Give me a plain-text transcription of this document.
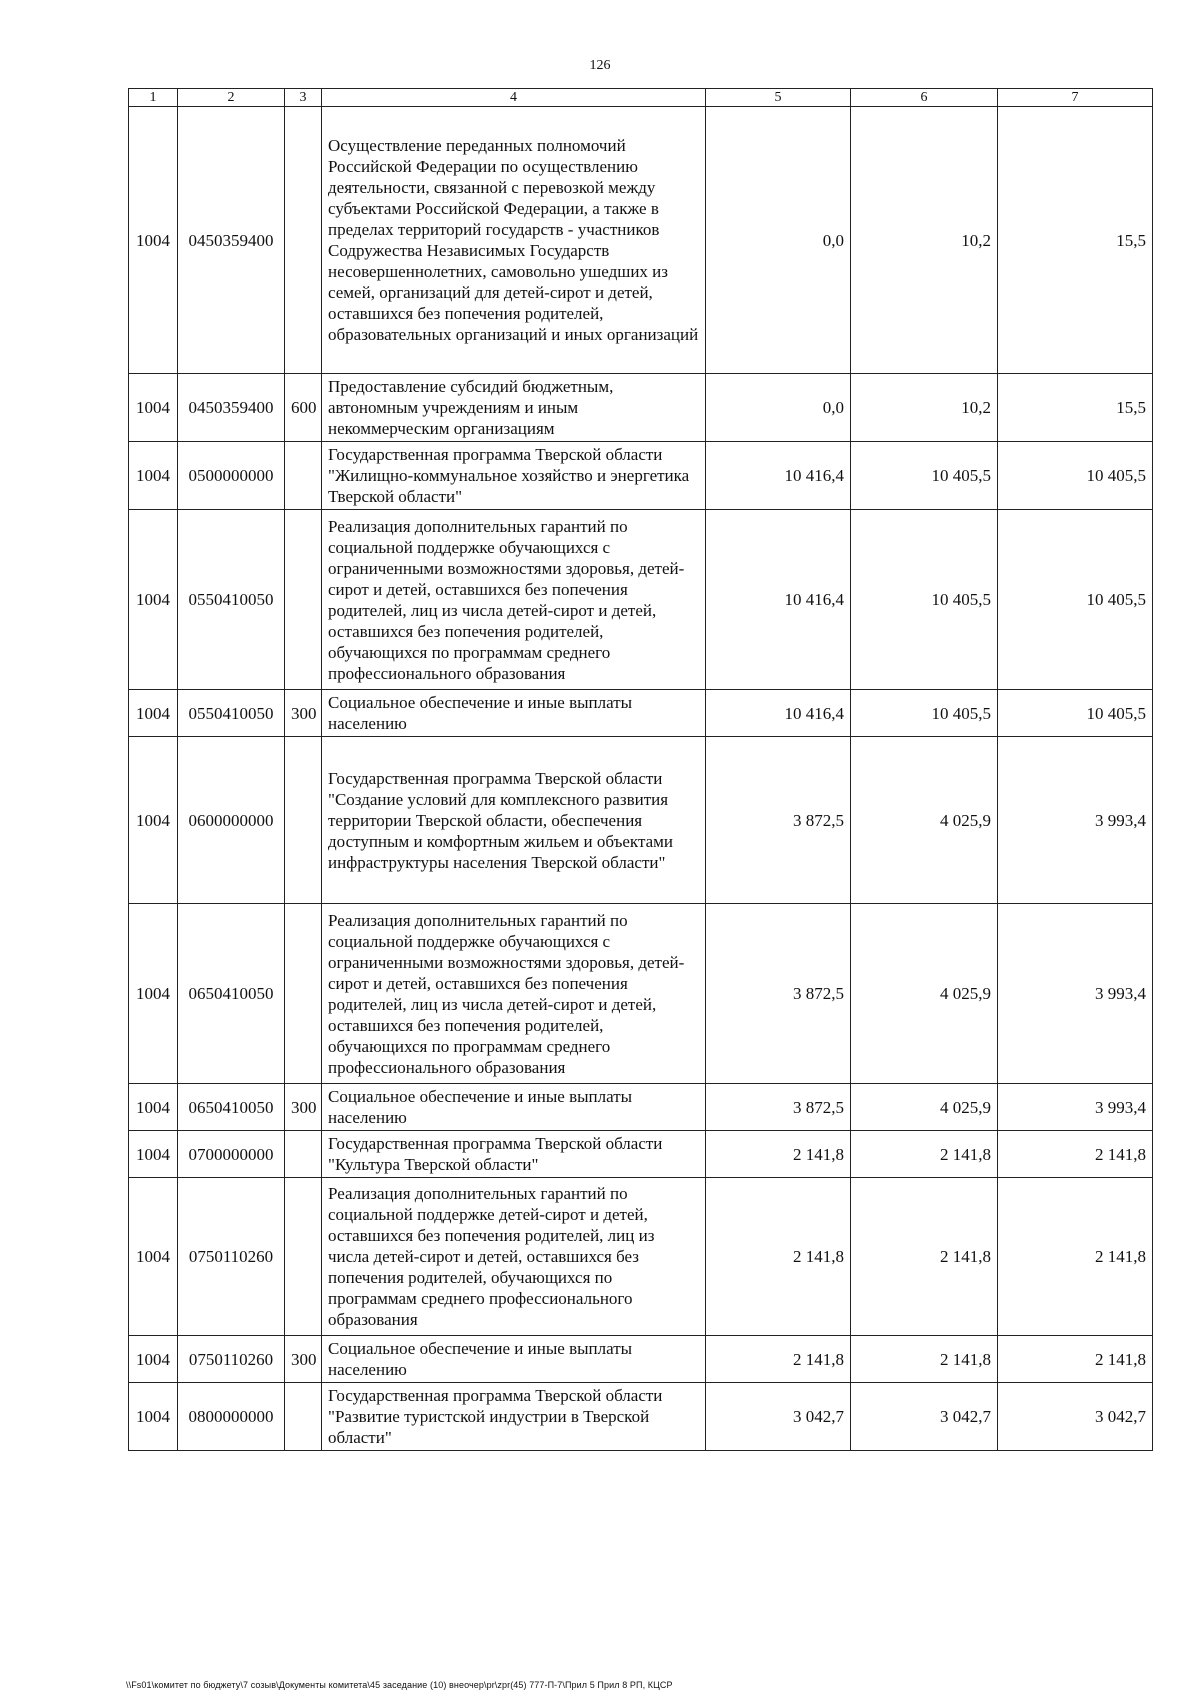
126
1	2	3	4	5	6	7
1004	0450359400		Осуществление переданных полномочий Российской Федерации по осуществлению деятельности, связанной с перевозкой между субъектами Российской Федерации, а также в пределах территорий государств - участников Содружества Независимых Государств несовершеннолетних, самовольно ушедших из семей, организаций для детей-сирот и детей, оставшихся без попечения родителей, образовательных организаций и иных организаций	0,0	10,2	15,5
1004	0450359400	600	Предоставление субсидий бюджетным, автономным учреждениям и иным некоммерческим организациям	0,0	10,2	15,5
1004	0500000000		Государственная программа Тверской области "Жилищно-коммунальное хозяйство и энергетика Тверской области"	10 416,4	10 405,5	10 405,5
1004	0550410050		Реализация дополнительных гарантий по социальной поддержке обучающихся с ограниченными возможностями здоровья, детей-сирот и детей, оставшихся без попечения родителей, лиц из числа детей-сирот и детей, оставшихся без попечения родителей, обучающихся по программам среднего профессионального образования	10 416,4	10 405,5	10 405,5
1004	0550410050	300	Социальное обеспечение и иные выплаты населению	10 416,4	10 405,5	10 405,5
1004	0600000000		Государственная программа Тверской области "Создание условий для комплексного развития территории Тверской области, обеспечения доступным и комфортным жильем и объектами инфраструктуры населения Тверской области"	3 872,5	4 025,9	3 993,4
1004	0650410050		Реализация дополнительных гарантий по социальной поддержке обучающихся с ограниченными возможностями здоровья, детей-сирот и детей, оставшихся без попечения родителей, лиц из числа детей-сирот и детей, оставшихся без попечения родителей, обучающихся по программам среднего профессионального образования	3 872,5	4 025,9	3 993,4
1004	0650410050	300	Социальное обеспечение и иные выплаты населению	3 872,5	4 025,9	3 993,4
1004	0700000000		Государственная программа Тверской области "Культура Тверской области"	2 141,8	2 141,8	2 141,8
1004	0750110260		Реализация дополнительных гарантий по социальной поддержке детей-сирот и детей, оставшихся без попечения родителей, лиц из числа детей-сирот и детей, оставшихся без попечения родителей, обучающихся по программам среднего профессионального образования	2 141,8	2 141,8	2 141,8
1004	0750110260	300	Социальное обеспечение и иные выплаты населению	2 141,8	2 141,8	2 141,8
1004	0800000000		Государственная программа Тверской области "Развитие туристской индустрии в Тверской области"	3 042,7	3 042,7	3 042,7
\\Fs01\комитет по бюджету\7 созыв\Документы комитета\45 заседание (10) внеочер\pr\zpr(45) 777-П-7\Прил 5 Прил 8 РП, КЦСР
